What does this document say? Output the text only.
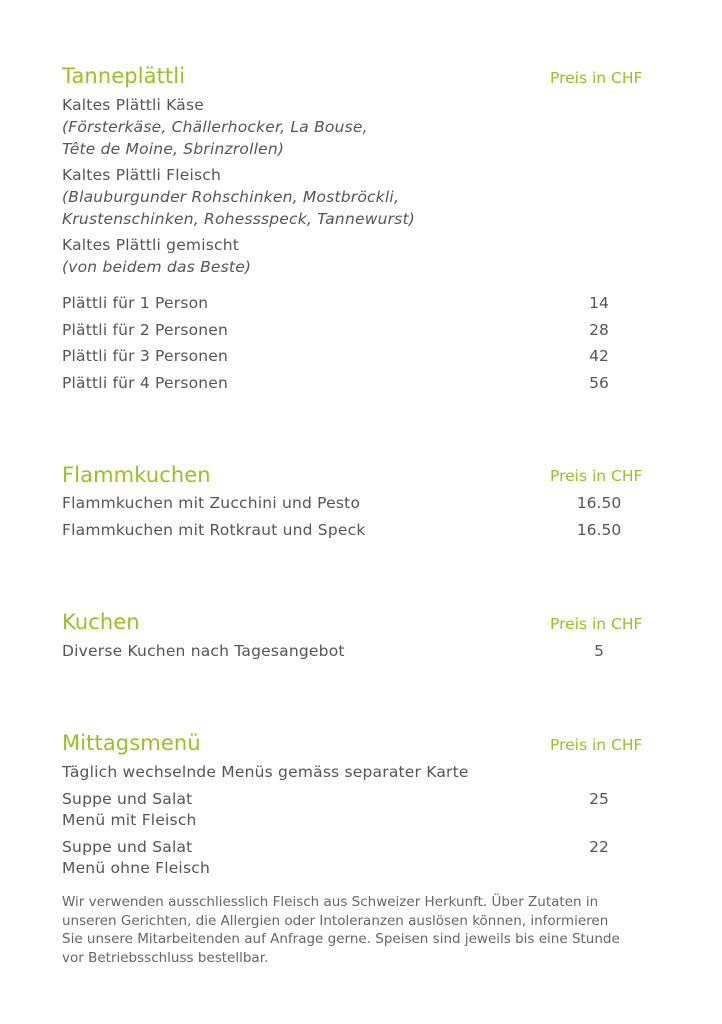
Tanneplättli	Preis in CHF
Kaltes Plättli Käse
(Försterkäse, Chällerhocker, La Bouse,
Tête de Moine, Sbrinzrollen)
Kaltes Plättli Fleisch
(Blauburgunder Rohschinken, Mostbröckli,
Krustenschinken, Rohessspeck, Tannewurst)
Kaltes Plättli gemischt
(von beidem das Beste)
Plättli für 1 Person	14
Plättli für 2 Personen	28
Plättli für 3 Personen	42
Plättli für 4 Personen	56
Flammkuchen	Preis in CHF
Flammkuchen mit Zucchini und Pesto	16.50
Flammkuchen mit Rotkraut und Speck	16.50
Kuchen	Preis in CHF
Diverse Kuchen nach Tagesangebot	5
Mittagsmenü	Preis in CHF
Täglich wechselnde Menüs gemäss separater Karte
Suppe und Salat	25
Menü mit Fleisch
Suppe und Salat	22
Menü ohne Fleisch
Wir verwenden ausschliesslich Fleisch aus Schweizer Herkunft. Über Zutaten in
unseren Gerichten, die Allergien oder Intoleranzen auslösen können, informieren
Sie unsere Mitarbeitenden auf Anfrage gerne. Speisen sind jeweils bis eine Stunde
vor Betriebsschluss bestellbar.
